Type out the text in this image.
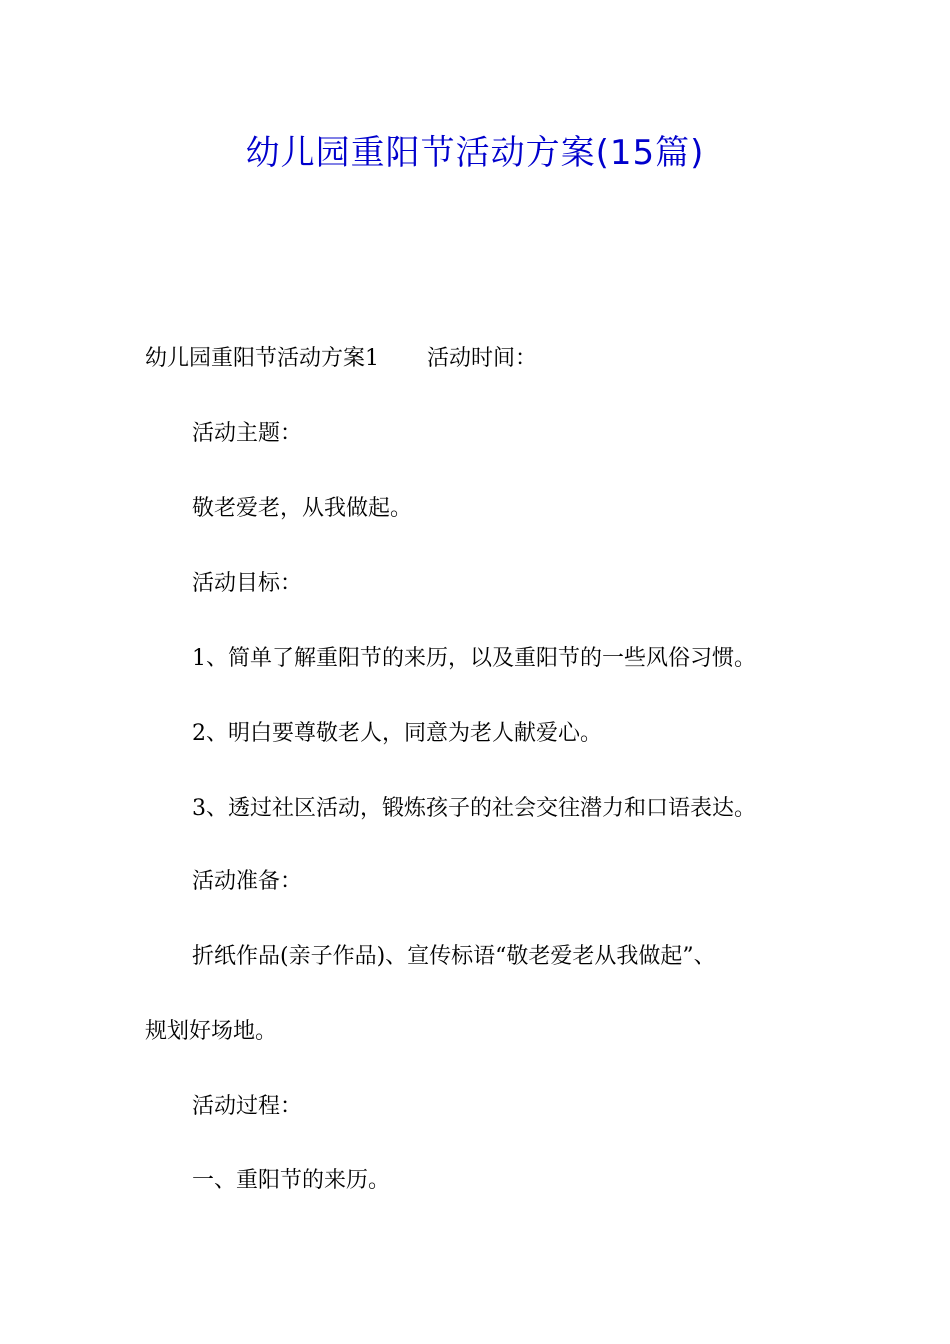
幼儿园重阳节活动方案(15篇)

幼儿园重阳节活动方案1 活动时间：

活动主题：

敬老爱老，从我做起。

活动目标：

1、简单了解重阳节的来历，以及重阳节的一些风俗习惯。

2、明白要尊敬老人，同意为老人献爱心。

3、透过社区活动，锻炼孩子的社会交往潜力和口语表达。

活动准备：

折纸作品(亲子作品)、宣传标语“敬老爱老从我做起”、

规划好场地。

活动过程：

一、重阳节的来历。
